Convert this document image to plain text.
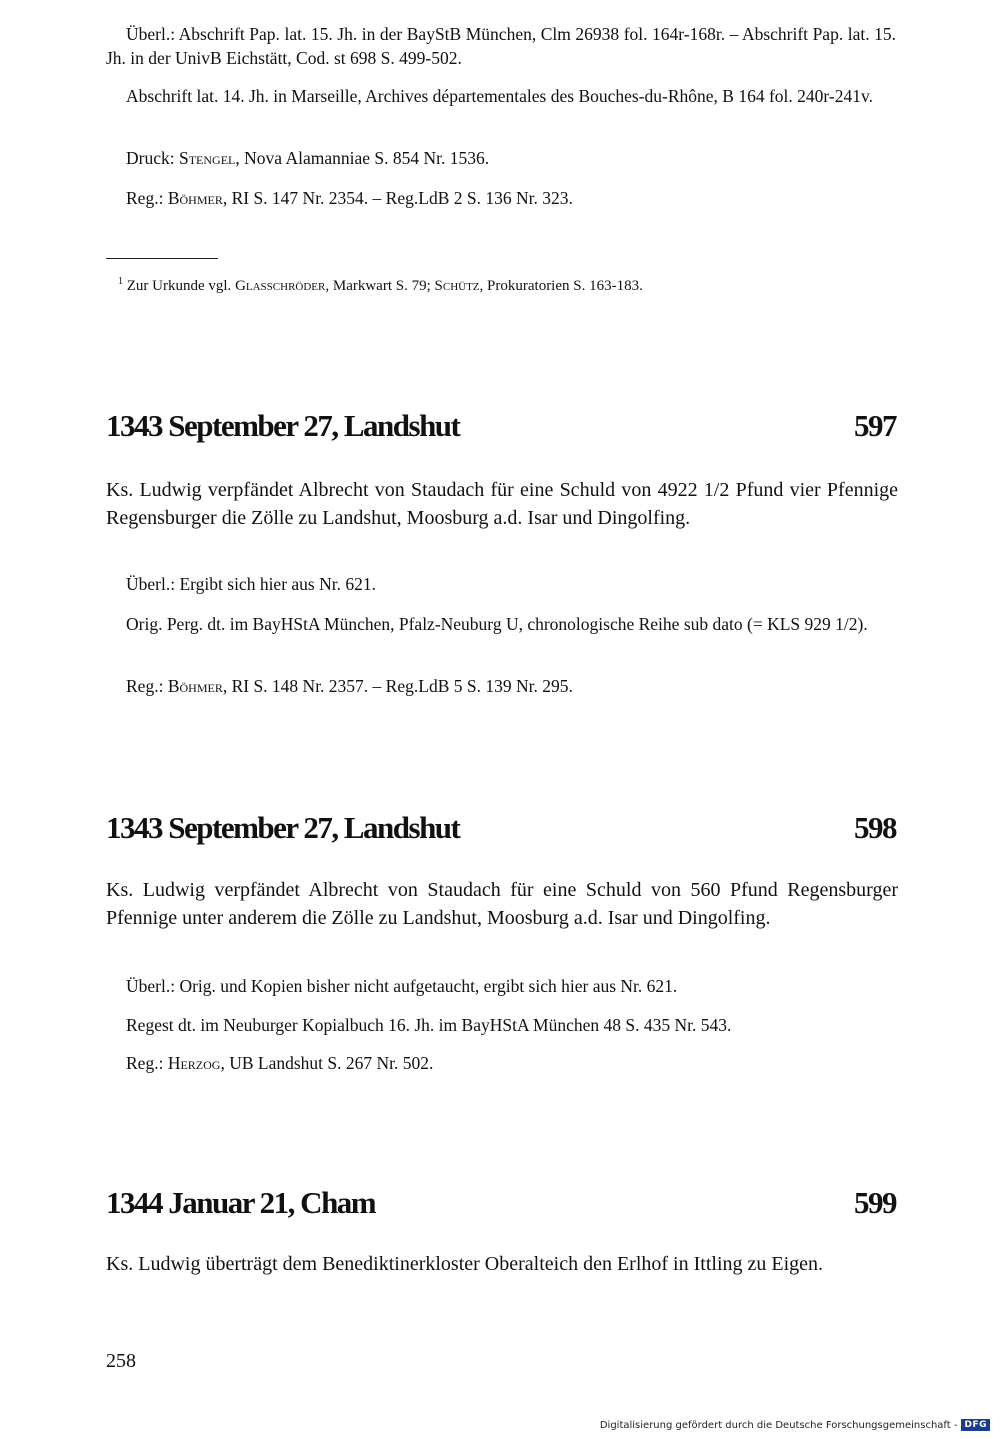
Überl.: Abschrift Pap. lat. 15. Jh. in der BayStB München, Clm 26938 fol. 164r-168r. – Abschrift Pap. lat. 15. Jh. in der UnivB Eichstätt, Cod. st 698 S. 499-502.
Abschrift lat. 14. Jh. in Marseille, Archives départementales des Bouches-du-Rhône, B 164 fol. 240r-241v.
Druck: Stengel, Nova Alamanniae S. 854 Nr. 1536.
Reg.: Böhmer, RI S. 147 Nr. 2354. – Reg.LdB 2 S. 136 Nr. 323.
$^1$ Zur Urkunde vgl. Glasschröder, Markwart S. 79; Schütz, Prokuratorien S. 163-183.
1343 September 27, Landshut	597
Ks. Ludwig verpfändet Albrecht von Staudach für eine Schuld von 4922 1/2 Pfund vier Pfennige Regensburger die Zölle zu Landshut, Moosburg a.d. Isar und Dingolfing.
Überl.: Ergibt sich hier aus Nr. 621.
Orig. Perg. dt. im BayHStA München, Pfalz-Neuburg U, chronologische Reihe sub dato (= KLS 929 1/2).
Reg.: Böhmer, RI S. 148 Nr. 2357. – Reg.LdB 5 S. 139 Nr. 295.
1343 September 27, Landshut	598
Ks. Ludwig verpfändet Albrecht von Staudach für eine Schuld von 560 Pfund Regensburger Pfennige unter anderem die Zölle zu Landshut, Moosburg a.d. Isar und Dingolfing.
Überl.: Orig. und Kopien bisher nicht aufgetaucht, ergibt sich hier aus Nr. 621.
Regest dt. im Neuburger Kopialbuch 16. Jh. im BayHStA München 48 S. 435 Nr. 543.
Reg.: Herzog, UB Landshut S. 267 Nr. 502.
1344 Januar 21, Cham	599
Ks. Ludwig überträgt dem Benediktinerkloster Oberalteich den Erlhof in Ittling zu Eigen.
258
Digitalisierung gefördert durch die Deutsche Forschungsgemeinschaft - DFG
